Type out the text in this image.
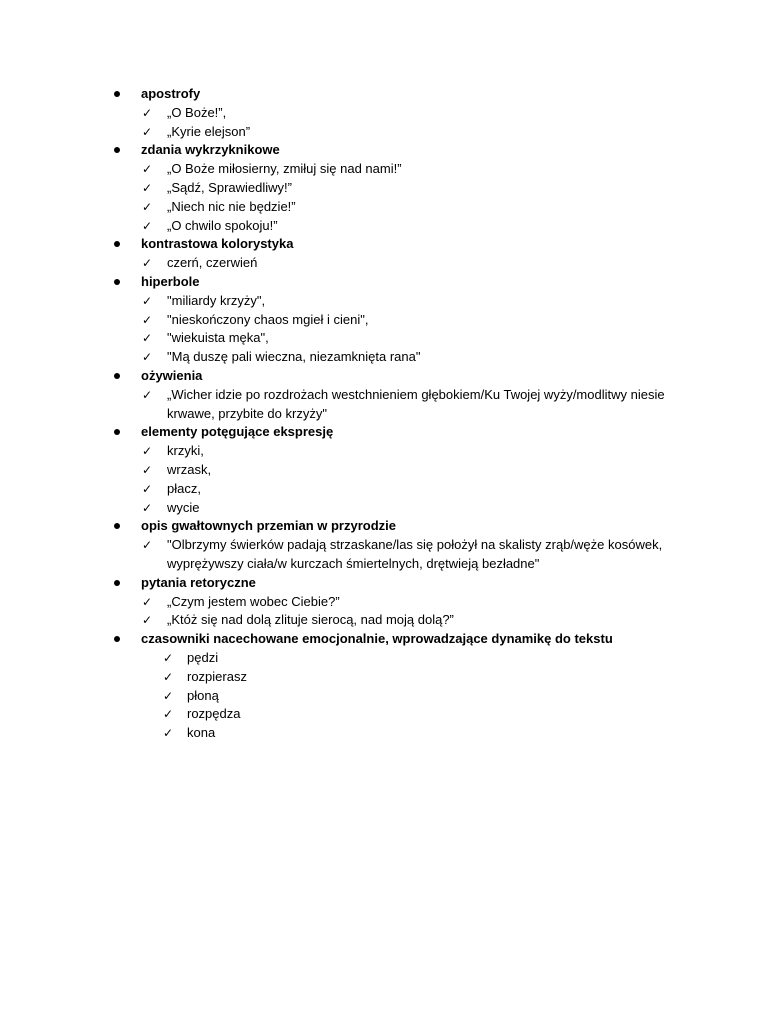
apostrofy
✓ „O Boże!”,
✓ „Kyrie elejson”
zdania wykrzyknikowe
✓ „O Boże miłosierny, zmiłuj się nad nami!”
✓ „Sądź, Sprawiedliwy!”
✓ „Niech nic nie będzie!”
✓ „O chwilo spokoju!”
kontrastowa kolorystyka
✓ czerń, czerwień
hiperbole
✓ "miliardy krzyży",
✓ "nieskończony chaos mgieł i cieni",
✓ "wiekuista męka",
✓ "Mą duszę pali wieczna, niezamknięta rana"
ożywienia
✓ „Wicher idzie po rozdrożach westchnieniem głębokiem/Ku Twojej wyży/modlitwy niesie krwawe, przybite do krzyży"
elementy potęgujące ekspresję
✓ krzyki,
✓ wrzask,
✓ płacz,
✓ wycie
opis gwałtownych przemian w przyrodzie
✓ "Olbrzymy świerków padają strzaskane/las się położył na skalisty zrąb/węże kosówek, wyprężywszy ciała/w kurczach śmiertelnych, drętwieją bezładne"
pytania retoryczne
✓ „Czym jestem wobec Ciebie?”
✓ „Któż się nad dolą zlituje sierocą, nad moją dolą?”
czasowniki nacechowane emocjonalnie, wprowadzające dynamikę do tekstu
✓ pędzi
✓ rozpierasz
✓ płoną
✓ rozpędza
✓ kona
